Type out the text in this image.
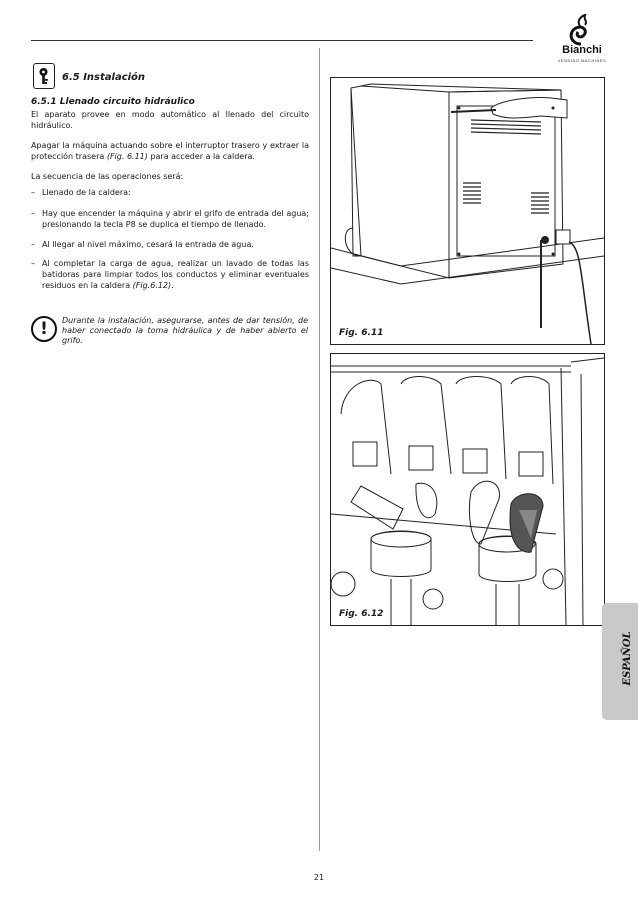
Bianchi
VENDING MACHINES
6.5 Instalación
6.5.1 Llenado circuito hidráulico
El aparato provee en modo automático al llenado del circuito hidráulico.
Apagar la máquina actuando sobre el interruptor trasero y extraer la protección trasera (Fig. 6.11) para acceder a la caldera.
La secuencia de las operaciones será:
– Llenado de la caldera:
– Hay que encender la máquina y abrir el grifo de entrada del agua; presionando la tecla P8 se duplica el tiempo de llenado.
– Al llegar al nivel máximo, cesará la entrada de agua.
– Al completar la carga de agua, realizar un lavado de todas las batidoras para limpiar todos los conductos y eliminar eventuales residuos en la caldera (Fig.6.12).
!	Durante la instalación, asegurarse, antes de dar tensión, de haber conectado la toma hidráulica y de haber abierto el grifo.
Fig. 6.11
Fig. 6.12
ESPAÑOL
21
